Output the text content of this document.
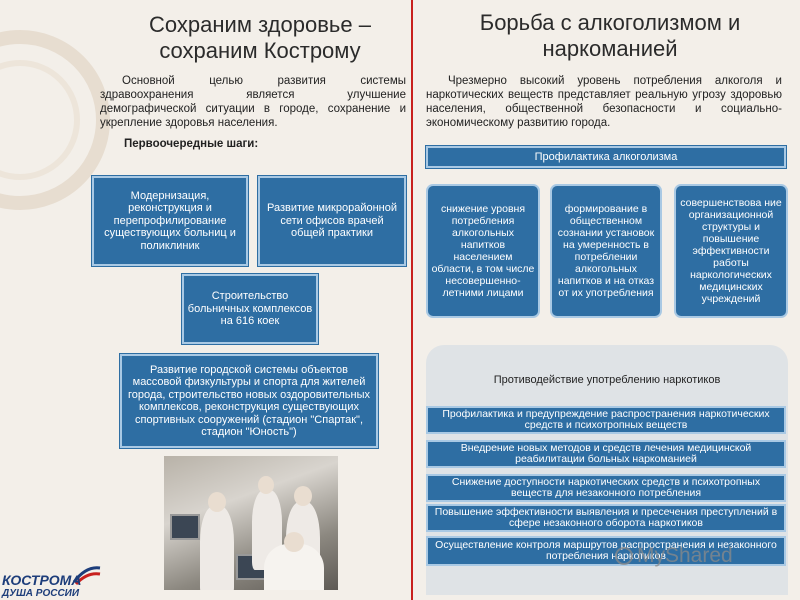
Сохраним здоровье –
сохраним Кострому
Основной целью развития системы здравоохранения является улучшение демографической ситуации в городе, сохранение и укрепление здоровья населения.
Первоочередные шаги:
Модернизация, реконструкция и перепрофилирование существующих больниц и поликлиник
Развитие микрорайонной сети офисов врачей общей практики
Строительство больничных комплексов на 616 коек
Развитие городской системы объектов массовой физкультуры и спорта для жителей города, строительство новых оздоровительных комплексов, реконструкция существующих спортивных сооружений (стадион "Спартак", стадион "Юность")
КОСТРОМА
ДУША РОССИИ
Борьба с алкоголизмом и
наркоманией
Чрезмерно высокий уровень потребления алкоголя и наркотических веществ представляет реальную угрозу здоровью населения, общественной безопасности и социально-экономическому развитию города.
Профилактика алкоголизма
снижение уровня потребления алкогольных напитков населением области, в том числе несовершенно-летними лицами
формирование в общественном сознании установок на умеренность в потреблении алкогольных напитков и на отказ от их употребления
совершенствова ние организационной структуры и повышение эффективности работы наркологических медицинских учреждений
Противодействие употреблению наркотиков
Профилактика и предупреждение распространения наркотических средств и психотропных веществ
Внедрение новых методов и средств лечения медицинской реабилитации больных наркоманией
Снижение доступности наркотических средств и психотропных веществ для незаконного потребления
Повышение эффективности выявления и пресечения преступлений в сфере незаконного оборота наркотиков
Осуществление контроля маршрутов распространения и незаконного потребления наркотиков
MyShared
